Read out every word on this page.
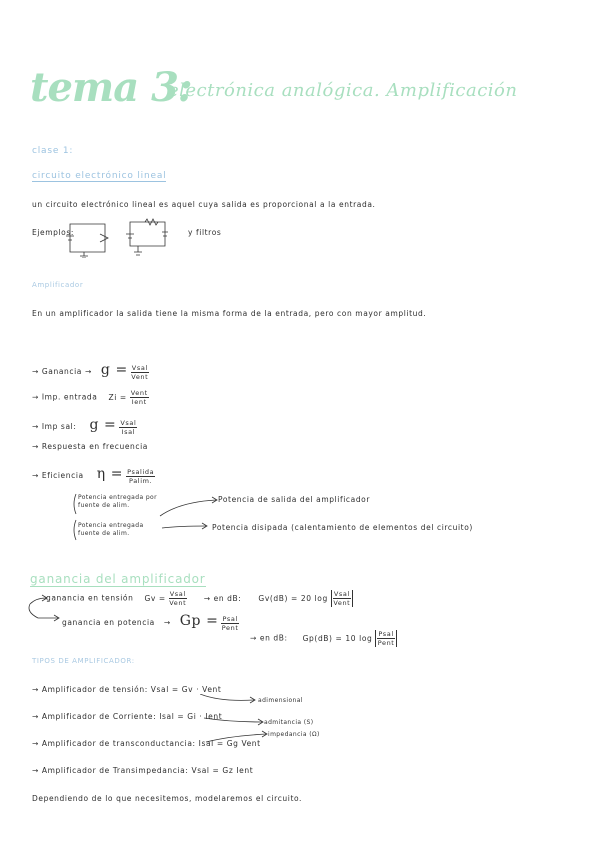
tema 3:
electrónica analógica. Amplificación
clase 1:
circuito electrónico lineal
un circuito electrónico lineal es aquel cuya salida es proporcional a la entrada.
Ejemplos:	y filtros
Amplificador
En un amplificador la salida tiene la misma forma de la entrada, pero con mayor amplitud.
→ Ganancia → $g = \frac{\text{Vsal}}{\text{Vent}}$
→ Imp. entrada $Zi = \frac{\text{Vent}}{\text{Ient}}$
→ Imp sal: $g = \frac{\text{Vsal}}{\text{Isal}}$
→ Respuesta en frecuencia
→ Eficiencia $\eta = \frac{\text{Psalida}}{Palim.}$
Potencia entregada por fuente de alim.
Potencia de salida del amplificador
Potencia entregada fuente de alim.
Potencia disipada (calentamiento de elementos del circuito)
ganancia del amplificador
ganancia en tensión $Gv = \frac{\text{Vsal}}{\text{Vent}}$ → en dB: Gv(dB) = 20 $\log \frac{\text{Vsal}}{\text{Vent}}$
ganancia en potencia → $Gp = \frac{\text{Psal}}{\text{Pent}}$
→ en dB: Gp(dB) = 10 $\log \frac{\text{Psal}}{\text{Pent}}$
TIPOS DE AMPLIFICADOR:
→ Amplificador de tensión: Vsal = Gv · Vent
→ Amplificador de Corriente: Isal = Gi · Ient
→ Amplificador de transconductancia: Isal = Gg Vent
→ Amplificador de Transimpedancia: Vsal = Gz Ient
adimensional
admitancia (S)
impedancia (Ω)
Dependiendo de lo que necesitemos, modelaremos el circuito.
